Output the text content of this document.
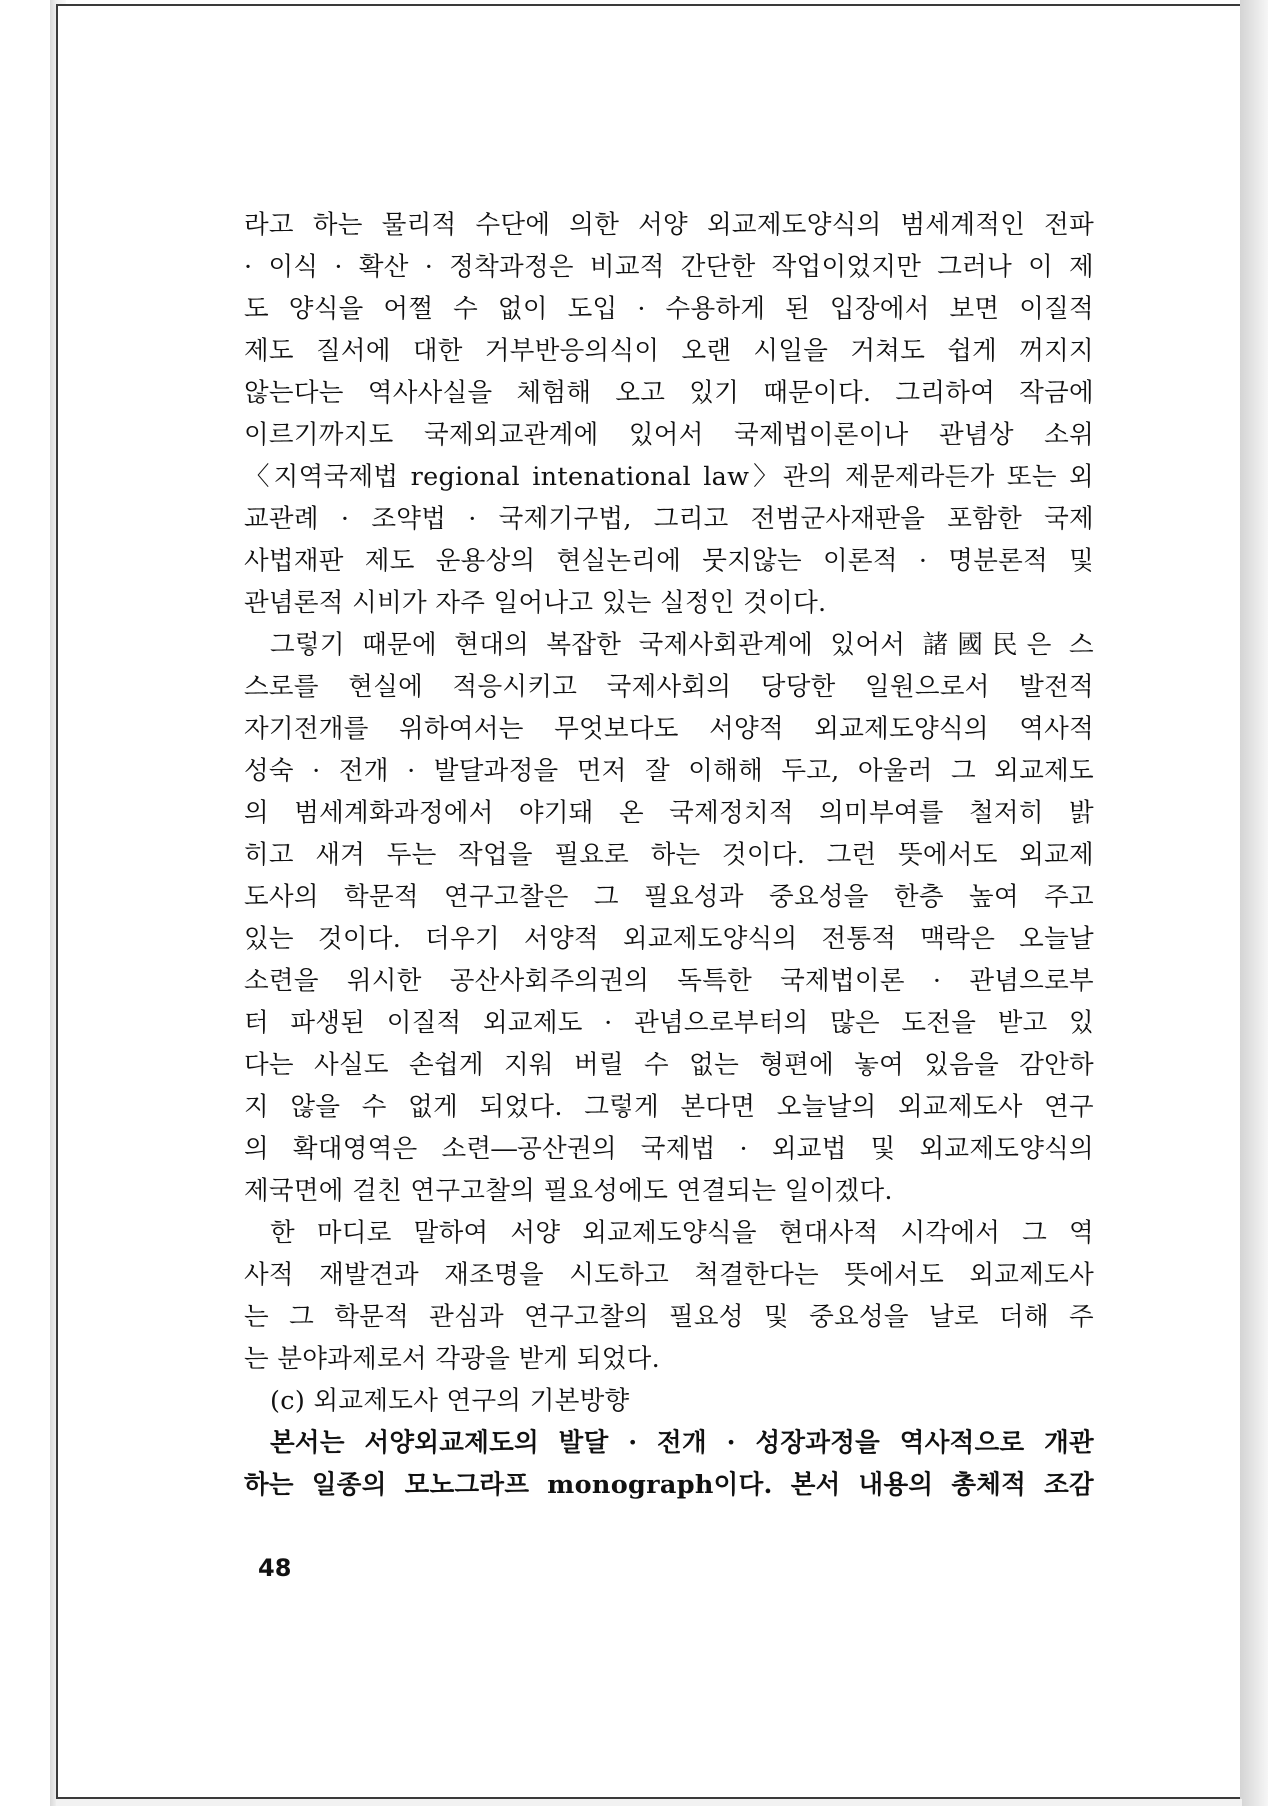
라고 하는 물리적 수단에 의한 서양 외교제도양식의 범세계적인 전파
· 이식 · 확산 · 정착과정은 비교적 간단한 작업이었지만 그러나 이 제
도 양식을 어쩔 수 없이 도입 · 수용하게 된 입장에서 보면 이질적
제도 질서에 대한 거부반응의식이 오랜 시일을 거쳐도 쉽게 꺼지지
않는다는 역사사실을 체험해 오고 있기 때문이다. 그리하여 작금에
이르기까지도 국제외교관계에 있어서 국제법이론이나 관념상 소위
〈지역국제법 regional intenational law〉관의 제문제라든가 또는 외
교관례 · 조약법 · 국제기구법, 그리고 전범군사재판을 포함한 국제
사법재판 제도 운용상의 현실논리에 뭇지않는 이론적 · 명분론적 및
관념론적 시비가 자주 일어나고 있는 실정인 것이다.
그렇기 때문에 현대의 복잡한 국제사회관계에 있어서 諸國民은 스
스로를 현실에 적응시키고 국제사회의 당당한 일원으로서 발전적
자기전개를 위하여서는 무엇보다도 서양적 외교제도양식의 역사적
성숙 · 전개 · 발달과정을 먼저 잘 이해해 두고, 아울러 그 외교제도
의 범세계화과정에서 야기돼 온 국제정치적 의미부여를 철저히 밝
히고 새겨 두는 작업을 필요로 하는 것이다. 그런 뜻에서도 외교제
도사의 학문적 연구고찰은 그 필요성과 중요성을 한층 높여 주고
있는 것이다. 더우기 서양적 외교제도양식의 전통적 맥락은 오늘날
소련을 위시한 공산사회주의권의 독특한 국제법이론 · 관념으로부
터 파생된 이질적 외교제도 · 관념으로부터의 많은 도전을 받고 있
다는 사실도 손쉽게 지워 버릴 수 없는 형편에 놓여 있음을 감안하
지 않을 수 없게 되었다. 그렇게 본다면 오늘날의 외교제도사 연구
의 확대영역은 소련―공산권의 국제법 · 외교법 및 외교제도양식의
제국면에 걸친 연구고찰의 필요성에도 연결되는 일이겠다.
한 마디로 말하여 서양 외교제도양식을 현대사적 시각에서 그 역
사적 재발견과 재조명을 시도하고 척결한다는 뜻에서도 외교제도사
는 그 학문적 관심과 연구고찰의 필요성 및 중요성을 날로 더해 주
는 분야과제로서 각광을 받게 되었다.
(c) 외교제도사 연구의 기본방향
본서는 서양외교제도의 발달 · 전개 · 성장과정을 역사적으로 개관
하는 일종의 모노그라프 monograph이다. 본서 내용의 총체적 조감
48
